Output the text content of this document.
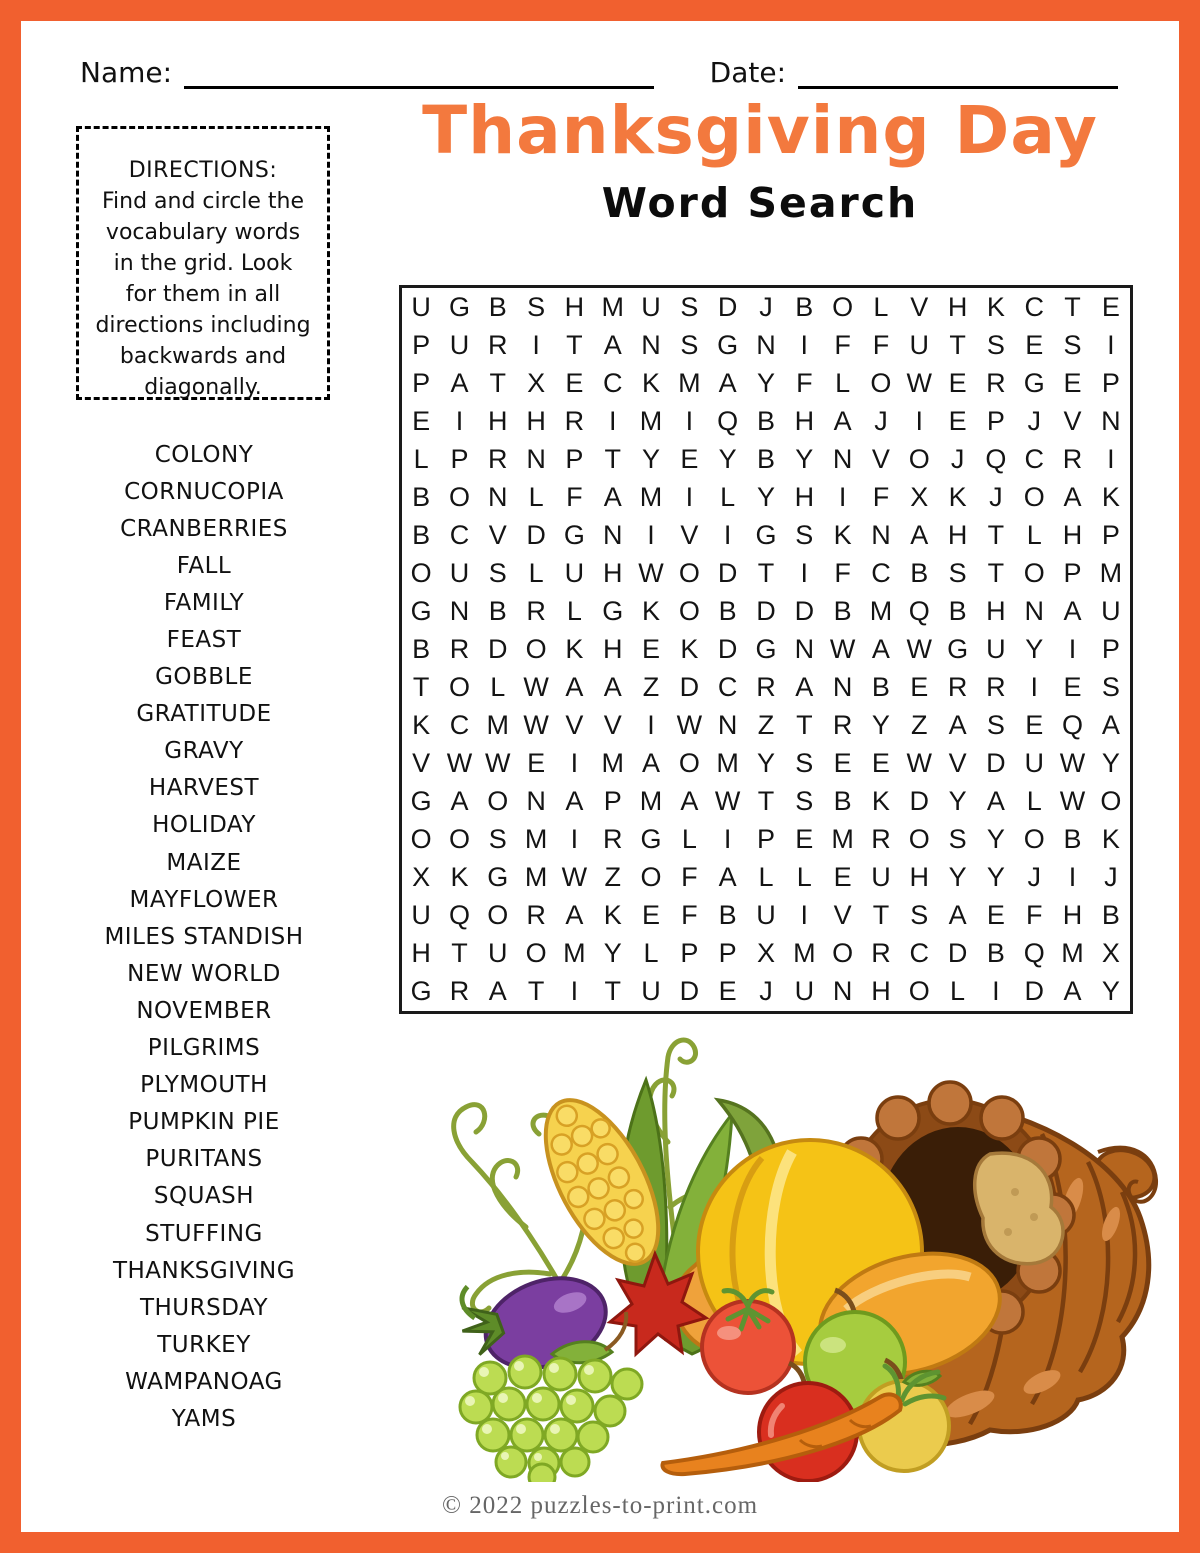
Name:	Date:
DIRECTIONS:
Find and circle the
vocabulary words
in the grid. Look
for them in all
directions including
backwards and
diagonally.
Thanksgiving Day
Word Search
U G B S H M U S D J B O L V H K C T E
P U R I T A N S G N I F F U T S E S I
P A T X E C K M A Y F L O W E R G E P
E I H H R I M I Q B H A J	I E P J V N
L P R N P T Y E Y B Y N V O J Q C R I
B O N L F A M I	L Y H I F X K J O A K
B C V D G N I V I G S K N A H T L H P
O U S L U H W O D T I F C B S T O P M
G N B R L G K O B D D B M Q B H N A U
B R D O K H E K D G N W A W G U Y I P
T O L W A A Z D C R A N B E R R I E S
K C M W V V I W N Z T R Y Z A S E Q A
V W W E I M A O M Y S E E W V D U W Y
G A O N A P M A W T S B K D Y A L W O
O O S M I R G L	I P E M R O S Y O B K
X K G M W Z O F A L L E U H Y Y J	I	J
U Q O R A K E F B U I V T S A E F H B
H T U O M Y L P P X M O R C D B Q M X
G R A T I T U D E J U N H O L	I D A Y
COLONY
CORNUCOPIA
CRANBERRIES
FALL
FAMILY
FEAST
GOBBLE
GRATITUDE
GRAVY
HARVEST
HOLIDAY
MAIZE
MAYFLOWER
MILES STANDISH
NEW WORLD
NOVEMBER
PILGRIMS
PLYMOUTH
PUMPKIN PIE
PURITANS
SQUASH
STUFFING
THANKSGIVING
THURSDAY
TURKEY
WAMPANOAG
YAMS
© 2022 puzzles-to-print.com
